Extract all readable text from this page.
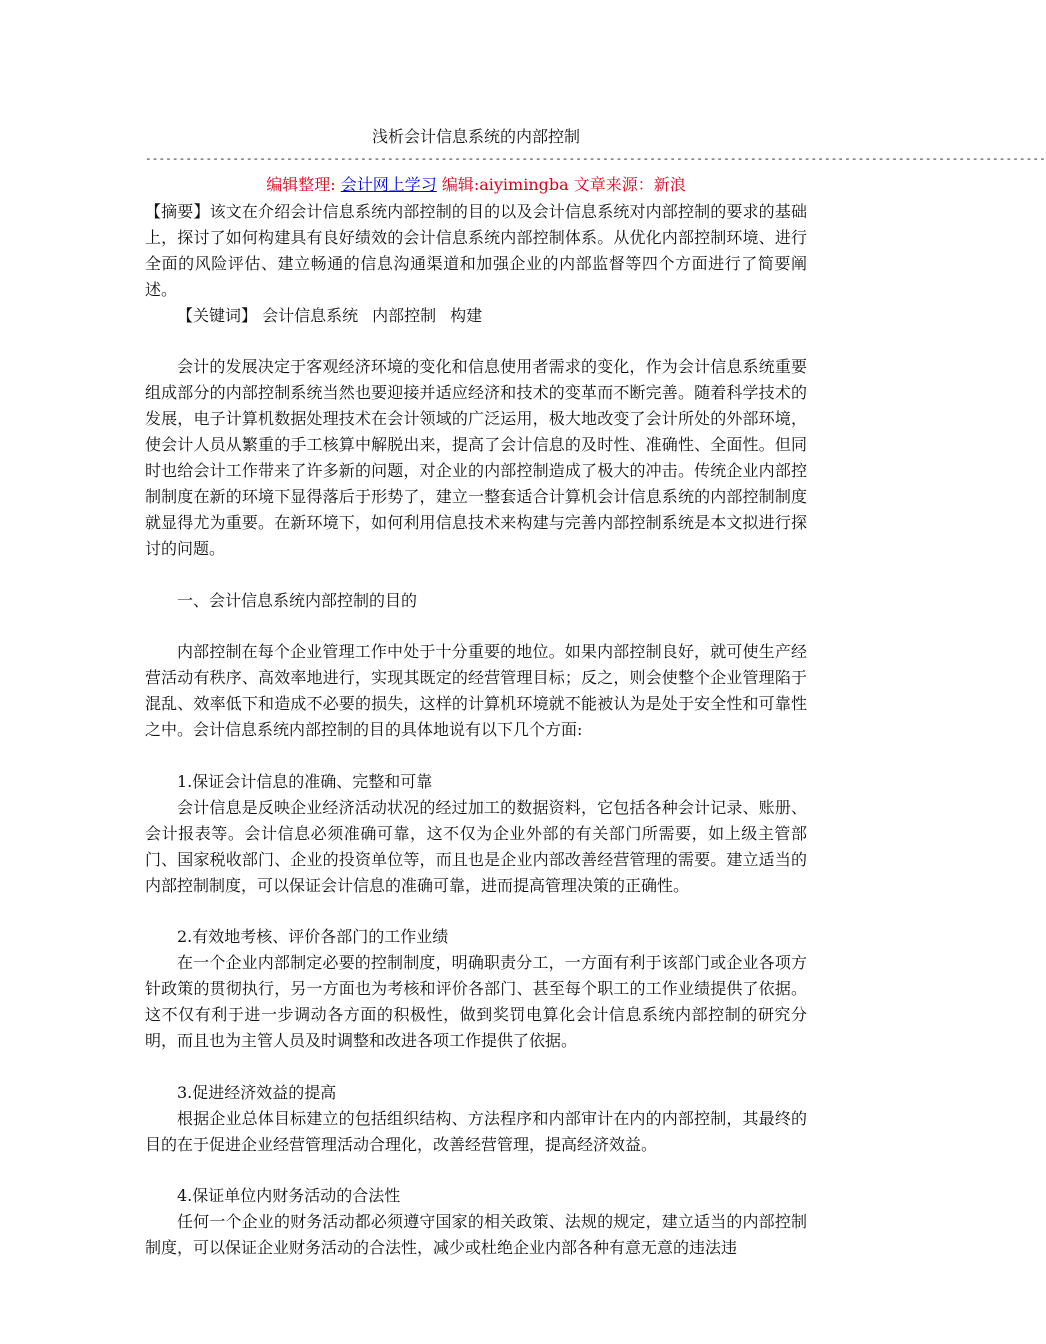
浅析会计信息系统的内部控制
--------------------------------------------------------------------------------------------------------------------------------------
编辑整理: 会计网上学习 编辑:aiyimingba 文章来源：新浪

【摘要】该文在介绍会计信息系统内部控制的目的以及会计信息系统对内部控制的要求的基础上，探讨了如何构建具有良好绩效的会计信息系统内部控制体系。从优化内部控制环境、进行全面的风险评估、建立畅通的信息沟通渠道和加强企业的内部监督等四个方面进行了简要阐述。

【关键词】 会计信息系统 内部控制 构建

会计的发展决定于客观经济环境的变化和信息使用者需求的变化，作为会计信息系统重要组成部分的内部控制系统当然也要迎接并适应经济和技术的变革而不断完善。随着科学技术的发展，电子计算机数据处理技术在会计领域的广泛运用，极大地改变了会计所处的外部环境，使会计人员从繁重的手工核算中解脱出来，提高了会计信息的及时性、准确性、全面性。但同时也给会计工作带来了许多新的问题，对企业的内部控制造成了极大的冲击。传统企业内部控制制度在新的环境下显得落后于形势了，建立一整套适合计算机会计信息系统的内部控制制度就显得尤为重要。在新环境下，如何利用信息技术来构建与完善内部控制系统是本文拟进行探讨的问题。

一、会计信息系统内部控制的目的

内部控制在每个企业管理工作中处于十分重要的地位。如果内部控制良好，就可使生产经营活动有秩序、高效率地进行，实现其既定的经营管理目标；反之，则会使整个企业管理陷于混乱、效率低下和造成不必要的损失，这样的计算机环境就不能被认为是处于安全性和可靠性之中。会计信息系统内部控制的目的具体地说有以下几个方面:

1.保证会计信息的准确、完整和可靠

会计信息是反映企业经济活动状况的经过加工的数据资料，它包括各种会计记录、账册、会计报表等。会计信息必须准确可靠，这不仅为企业外部的有关部门所需要，如上级主管部门、国家税收部门、企业的投资单位等，而且也是企业内部改善经营管理的需要。建立适当的内部控制制度，可以保证会计信息的准确可靠，进而提高管理决策的正确性。

2.有效地考核、评价各部门的工作业绩

在一个企业内部制定必要的控制制度，明确职责分工，一方面有利于该部门或企业各项方针政策的贯彻执行，另一方面也为考核和评价各部门、甚至每个职工的工作业绩提供了依据。这不仅有利于进一步调动各方面的积极性，做到奖罚电算化会计信息系统内部控制的研究分明，而且也为主管人员及时调整和改进各项工作提供了依据。

3.促进经济效益的提高

根据企业总体目标建立的包括组织结构、方法程序和内部审计在内的内部控制，其最终的目的在于促进企业经营管理活动合理化，改善经营管理，提高经济效益。

4.保证单位内财务活动的合法性

任何一个企业的财务活动都必须遵守国家的相关政策、法规的规定，建立适当的内部控制制度，可以保证企业财务活动的合法性，减少或杜绝企业内部各种有意无意的违法违
